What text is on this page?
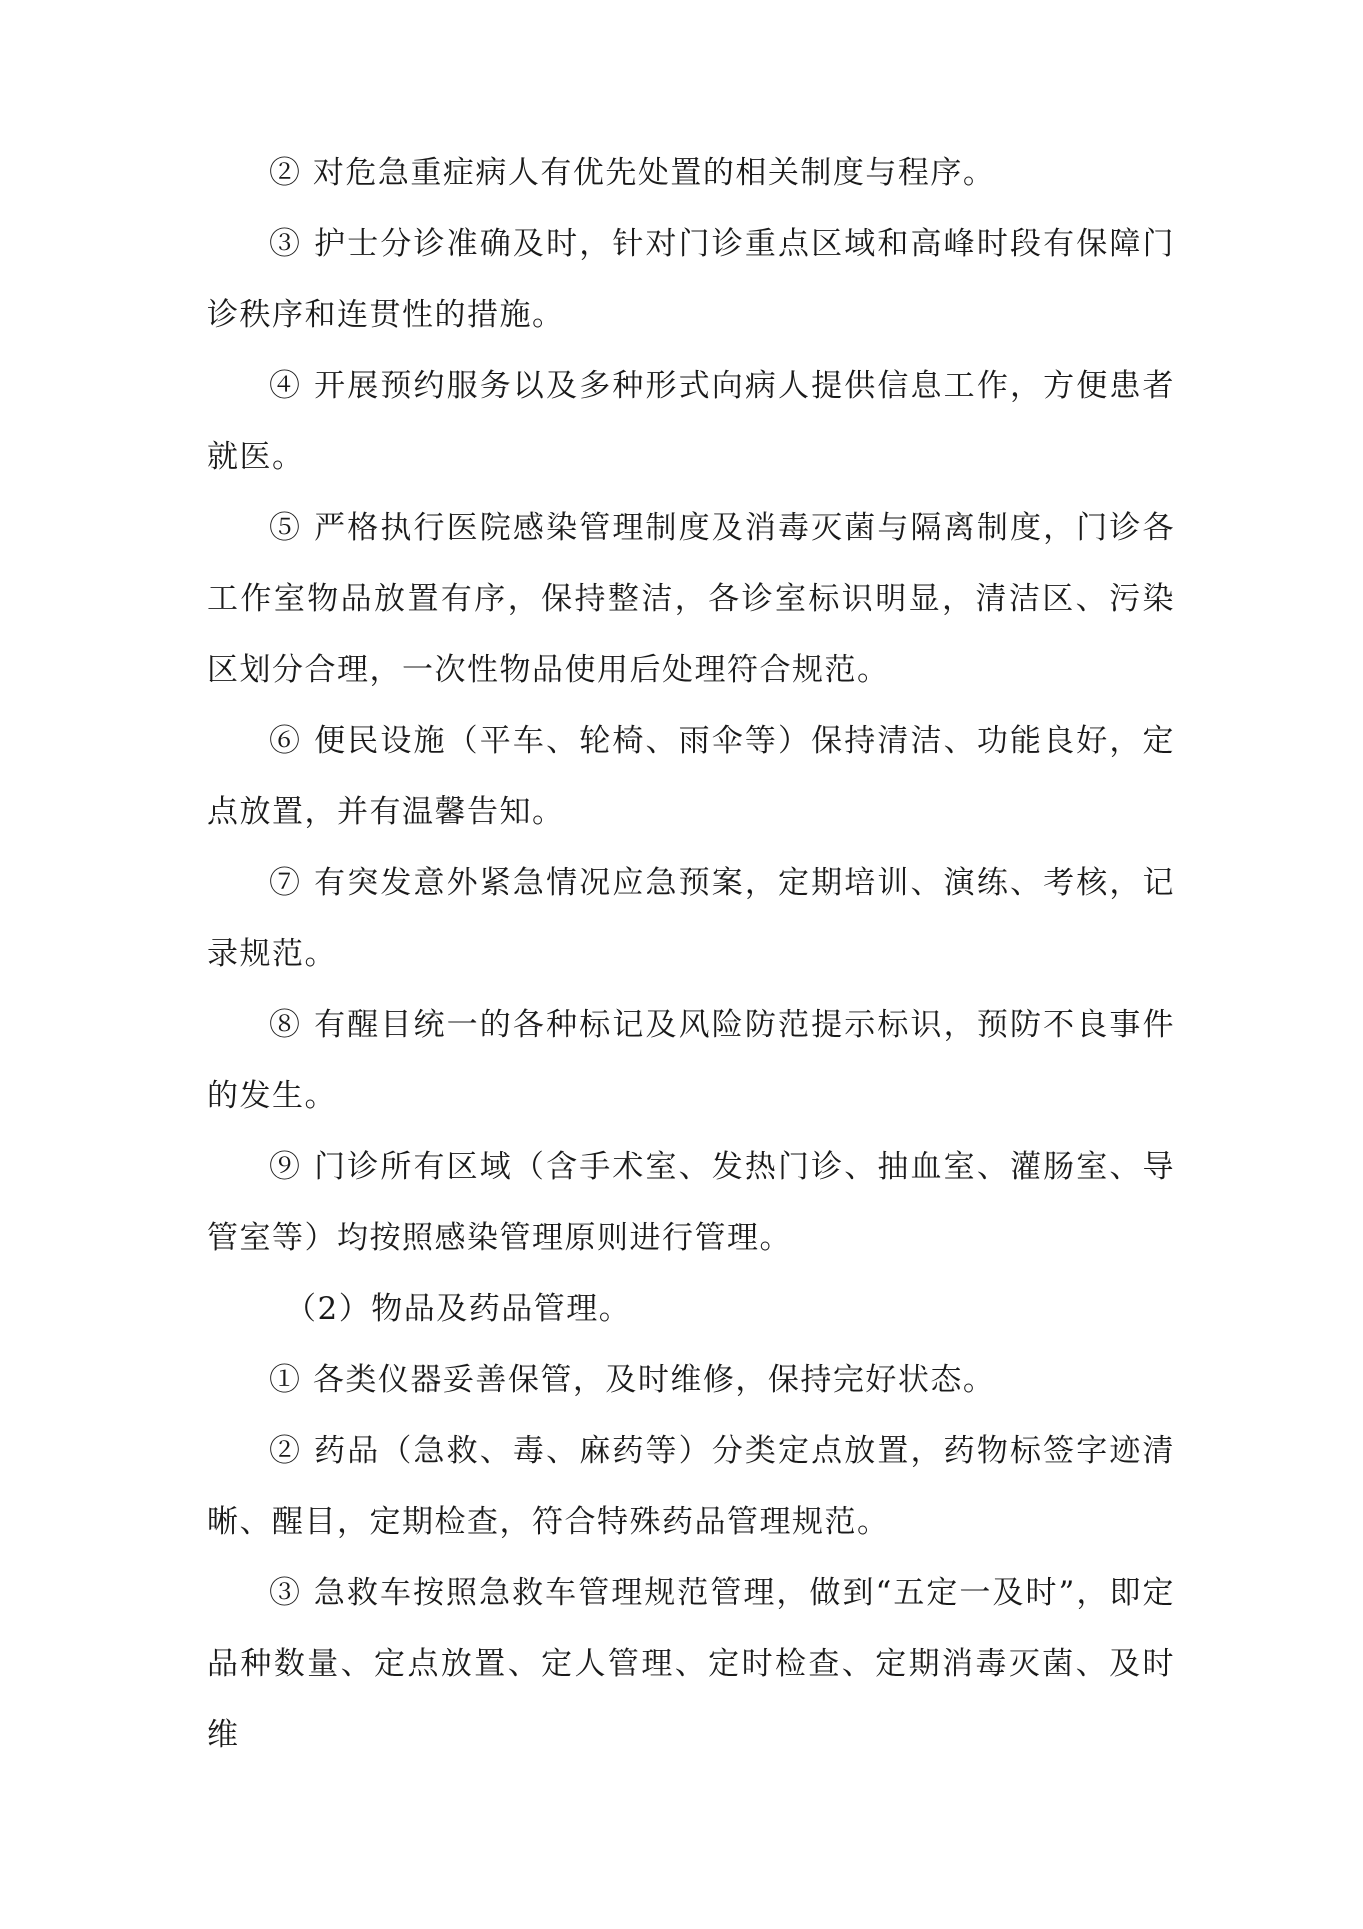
② 对危急重症病人有优先处置的相关制度与程序。

③ 护士分诊准确及时，针对门诊重点区域和高峰时段有保障门诊秩序和连贯性的措施。

④ 开展预约服务以及多种形式向病人提供信息工作，方便患者就医。

⑤ 严格执行医院感染管理制度及消毒灭菌与隔离制度，门诊各工作室物品放置有序，保持整洁，各诊室标识明显，清洁区、污染区划分合理，一次性物品使用后处理符合规范。

⑥ 便民设施（平车、轮椅、雨伞等）保持清洁、功能良好，定点放置，并有温馨告知。

⑦ 有突发意外紧急情况应急预案，定期培训、演练、考核，记录规范。

⑧ 有醒目统一的各种标记及风险防范提示标识，预防不良事件的发生。

⑨ 门诊所有区域（含手术室、发热门诊、抽血室、灌肠室、导管室等）均按照感染管理原则进行管理。

（2）物品及药品管理。

① 各类仪器妥善保管，及时维修，保持完好状态。

② 药品（急救、毒、麻药等）分类定点放置，药物标签字迹清晰、醒目，定期检查，符合特殊药品管理规范。

③ 急救车按照急救车管理规范管理，做到“五定一及时”，即定品种数量、定点放置、定人管理、定时检查、定期消毒灭菌、及时维
